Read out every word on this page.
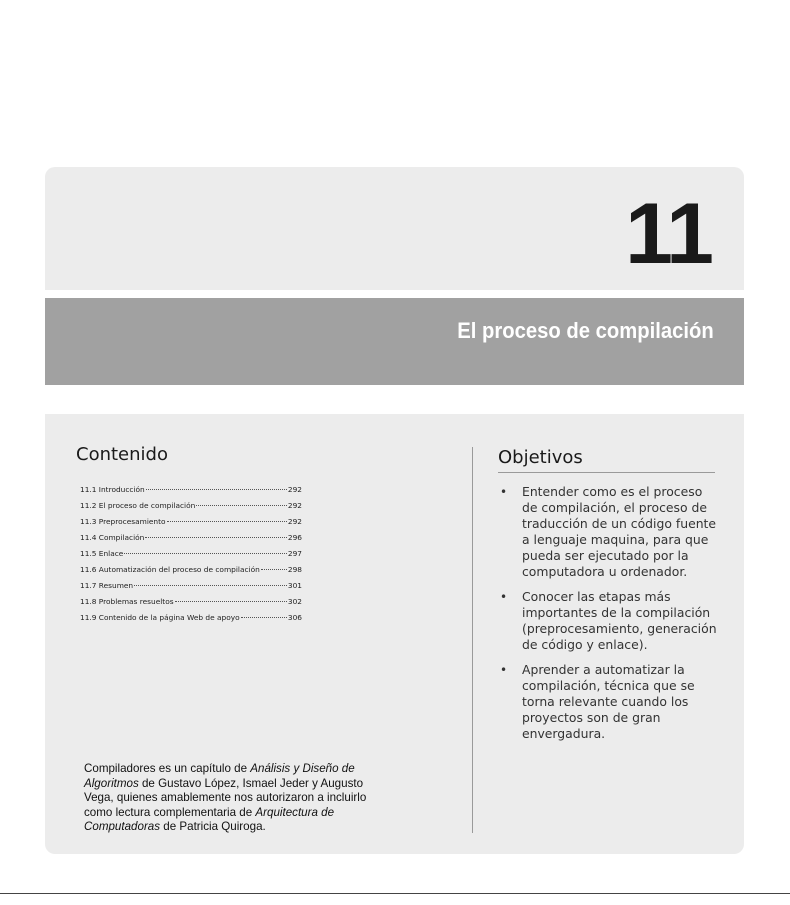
11
El proceso de compilación
Contenido
11.1 Introducción	292
11.2 El proceso de compilación	292
11.3 Preprocesamiento	292
11.4 Compilación	296
11.5 Enlace	297
11.6 Automatización del proceso de compilación	298
11.7 Resumen	301
11.8 Problemas resueltos	302
11.9 Contenido de la página Web de apoyo	306

Compiladores es un capítulo de Análisis y Diseño de Algoritmos de Gustavo López, Ismael Jeder y Augusto Vega, quienes amablemente nos autorizaron a incluirlo como lectura complementaria de Arquitectura de Computadoras de Patricia Quiroga.

Objetivos
• Entender como es el proceso de compilación, el proceso de traducción de un código fuente a lenguaje maquina, para que pueda ser ejecutado por la computadora u ordenador.
• Conocer las etapas más importantes de la compilación (preprocesamiento, generación de código y enlace).
• Aprender a automatizar la compilación, técnica que se torna relevante cuando los proyectos son de gran envergadura.
